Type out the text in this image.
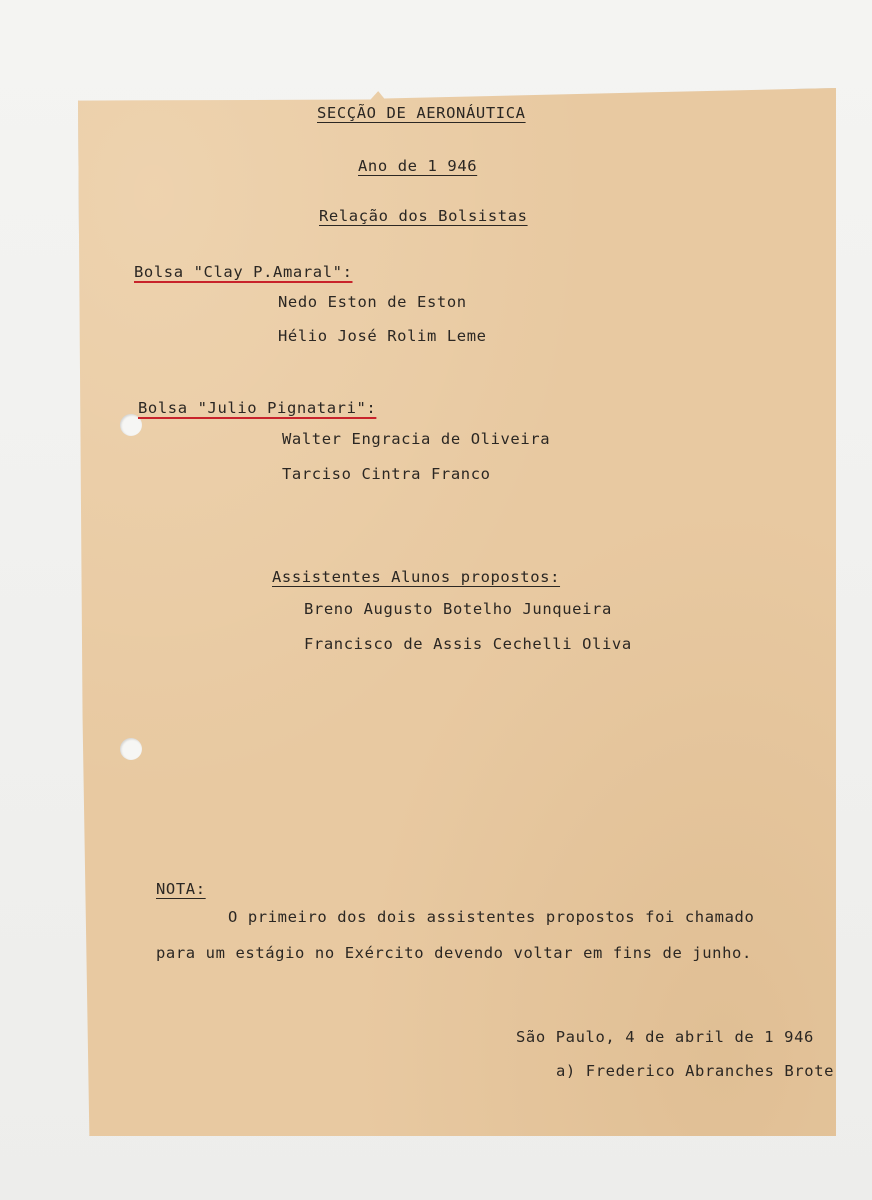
SECÇÃO DE AERONÁUTICA
Ano de 1 946
Relação dos Bolsistas
Bolsa "Clay P.Amaral":
Nedo Eston de Eston
Hélio José Rolim Leme
Bolsa "Julio Pignatari":
Walter Engracia de Oliveira
Tarciso Cintra Franco
Assistentes Alunos propostos:
Breno Augusto Botelho Junqueira
Francisco de Assis Cechelli Oliva
NOTA:
O primeiro dos dois assistentes propostos foi chamado
para um estágio no Exército devendo voltar em fins de junho.
São Paulo, 4 de abril de 1 946
a) Frederico Abranches Brote
